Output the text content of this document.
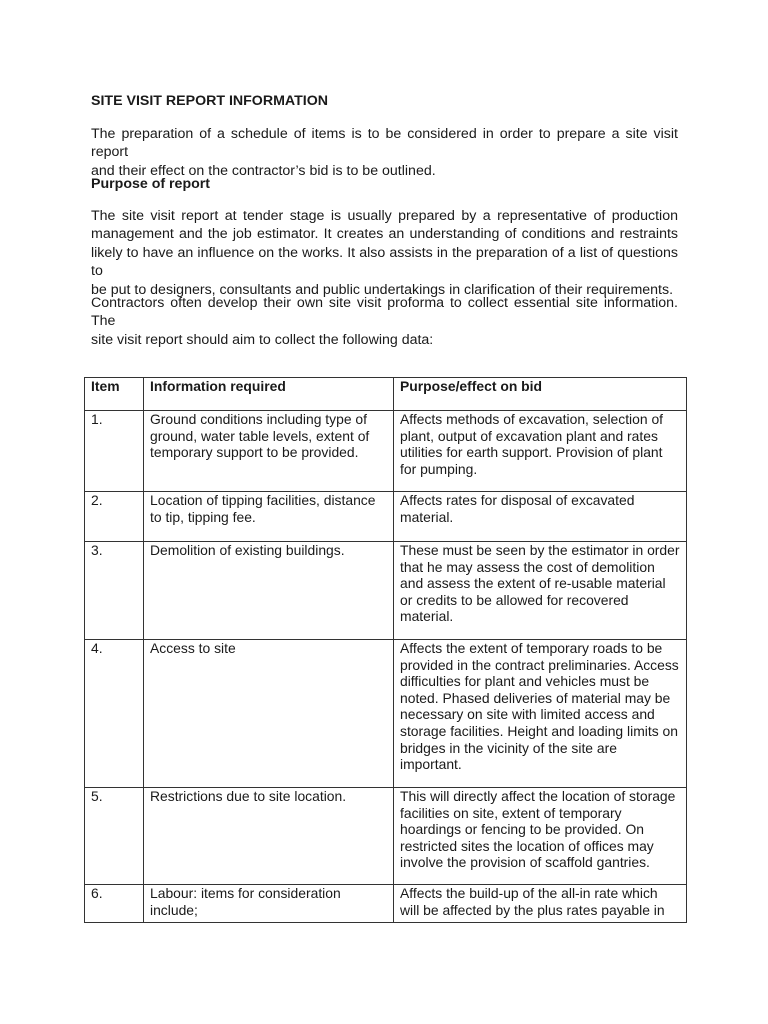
SITE VISIT REPORT INFORMATION
The preparation of a schedule of items is to be considered in order to prepare a site visit report
and their effect on the contractor’s bid is to be outlined.
Purpose of report
The site visit report at tender stage is usually prepared by a representative of production
management and the job estimator. It creates an understanding of conditions and restraints
likely to have an influence on the works. It also assists in the preparation of a list of questions to
be put to designers, consultants and public undertakings in clarification of their requirements.
Contractors often develop their own site visit proforma to collect essential site information. The
site visit report should aim to collect the following data:
Item	Information required	Purpose/effect on bid
1.	Ground conditions including type of ground, water table levels, extent of temporary support to be provided.	Affects methods of excavation, selection of plant, output of excavation plant and rates utilities for earth support. Provision of plant for pumping.
2.	Location of tipping facilities, distance to tip, tipping fee.	Affects rates for disposal of excavated material.
3.	Demolition of existing buildings.	These must be seen by the estimator in order that he may assess the cost of demolition and assess the extent of re-usable material or credits to be allowed for recovered material.
4.	Access to site	Affects the extent of temporary roads to be provided in the contract preliminaries. Access difficulties for plant and vehicles must be noted. Phased deliveries of material may be necessary on site with limited access and storage facilities. Height and loading limits on bridges in the vicinity of the site are important.
5.	Restrictions due to site location.	This will directly affect the location of storage facilities on site, extent of temporary hoardings or fencing to be provided. On restricted sites the location of offices may involve the provision of scaffold gantries.
6.	Labour: items for consideration include;	Affects the build-up of the all-in rate which will be affected by the plus rates payable in
